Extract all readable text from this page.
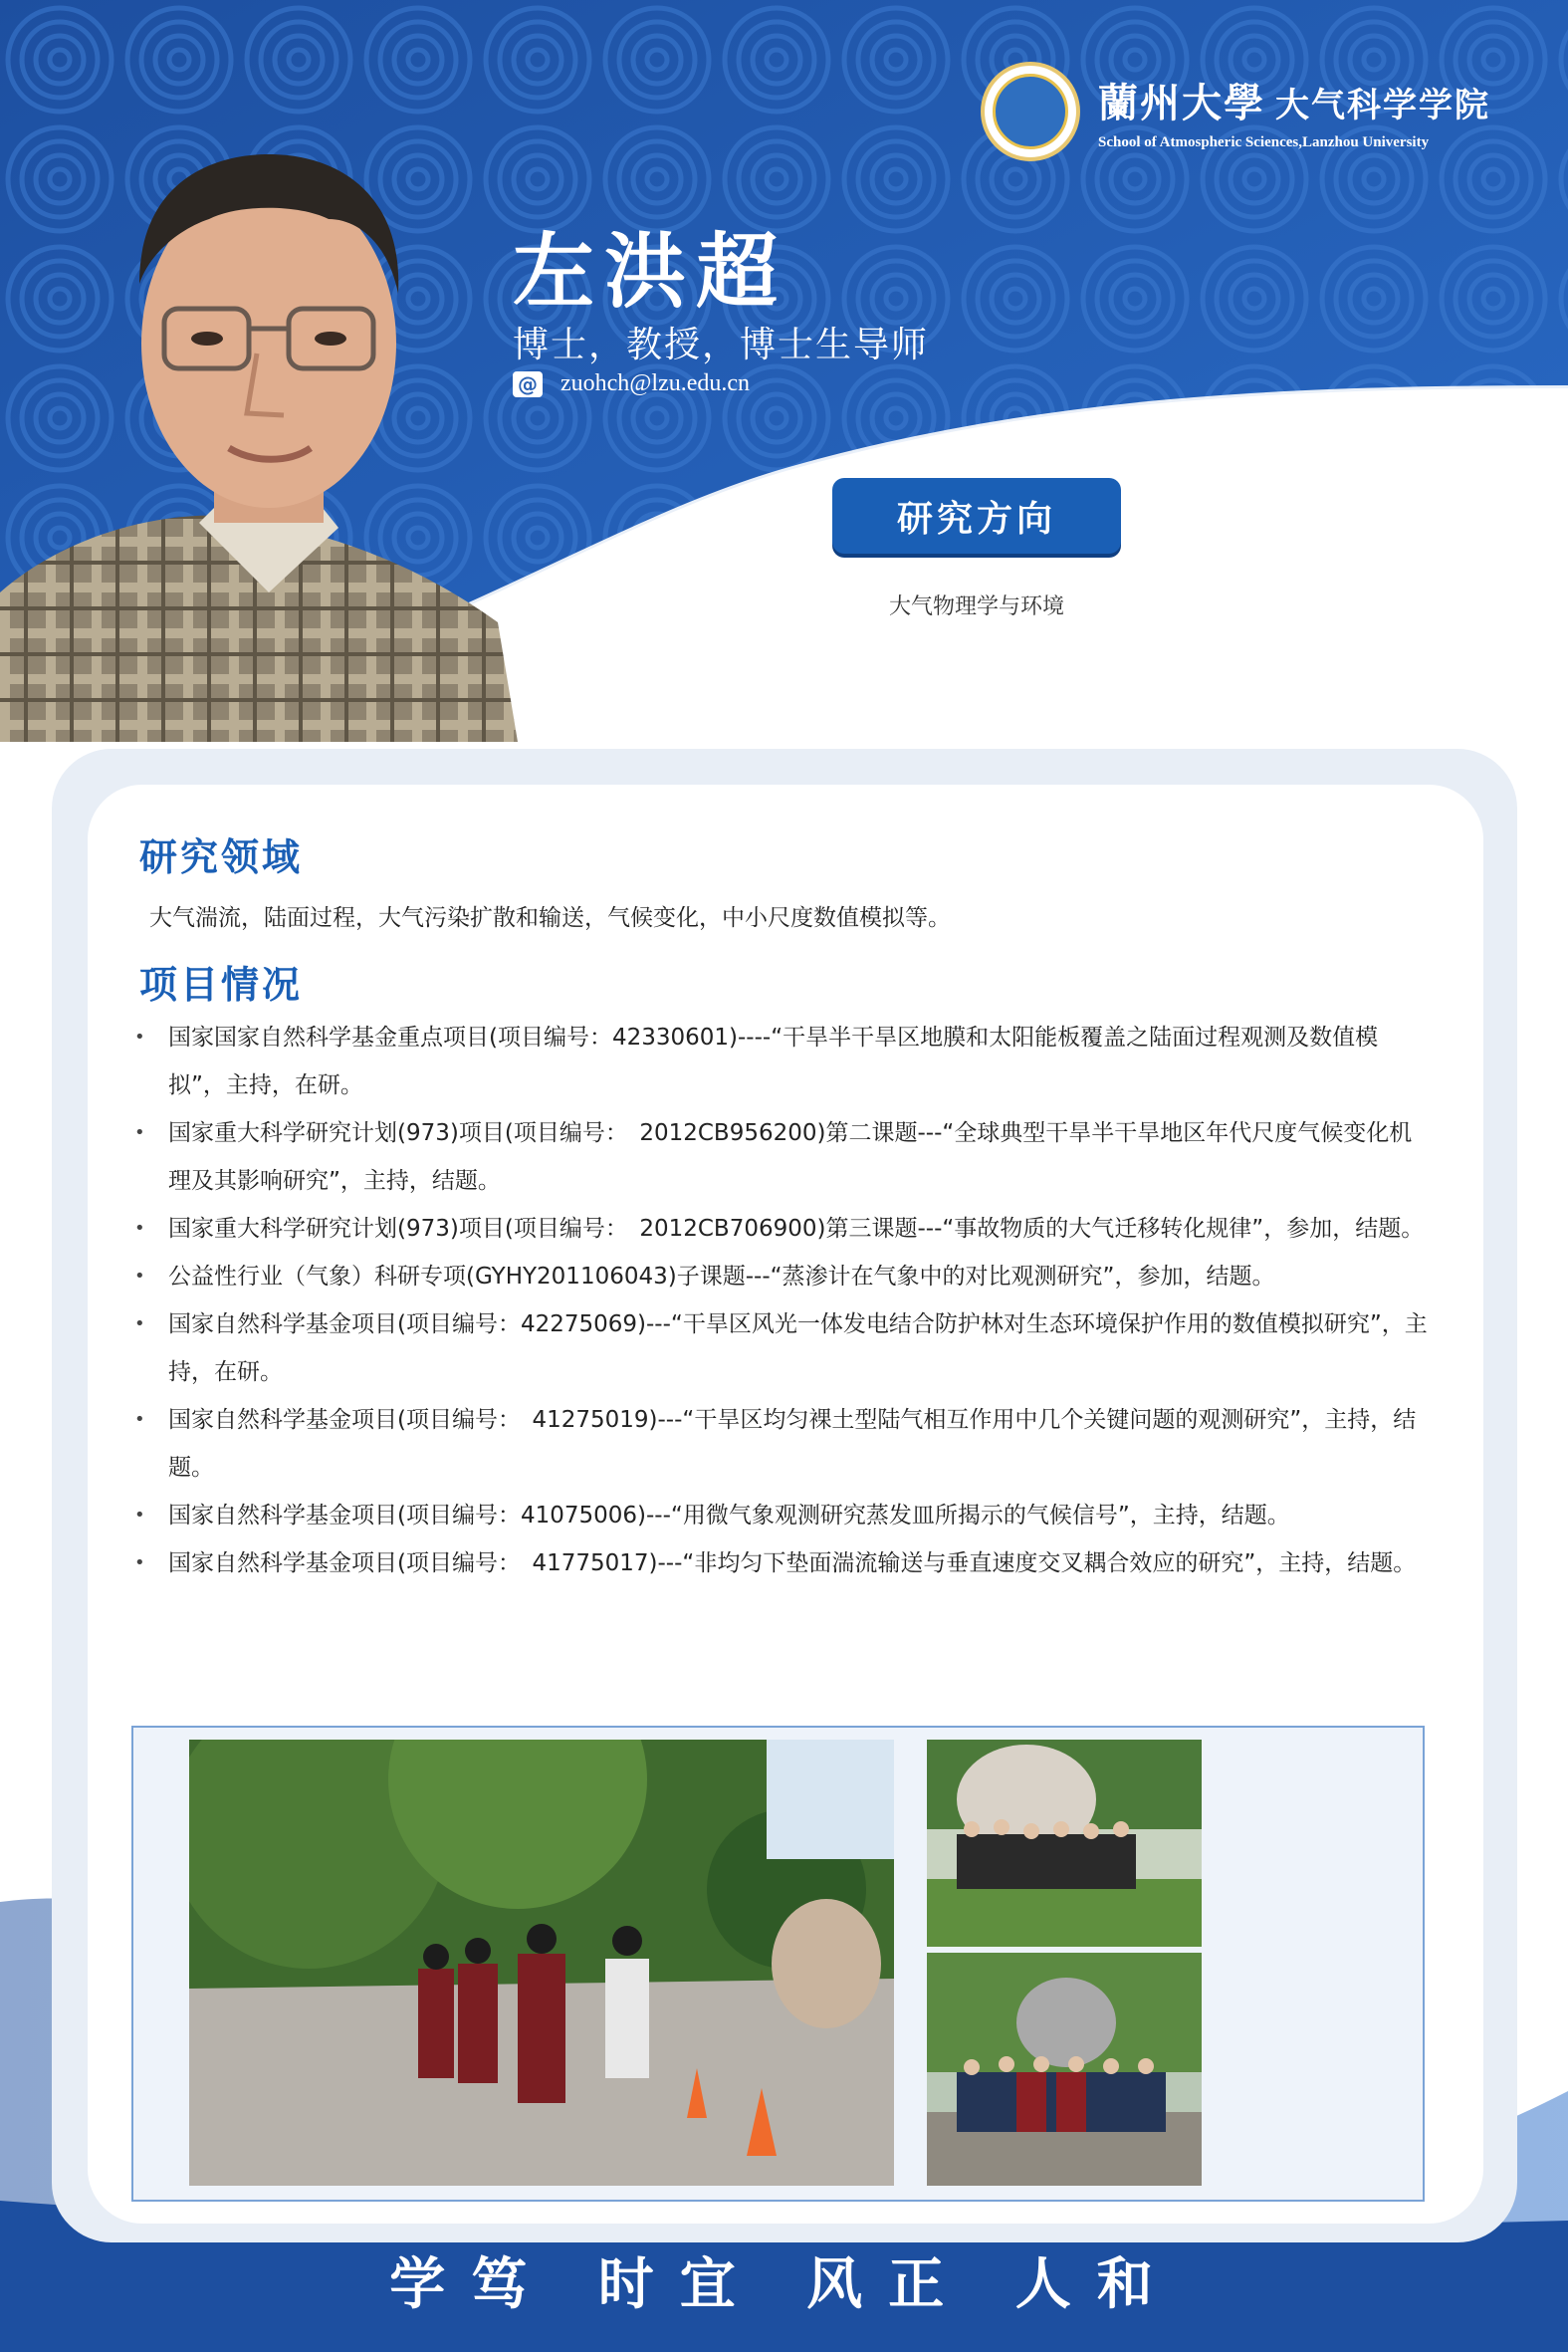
蘭州大學 大气科学学院
School of Atmospheric Sciences,Lanzhou University
左洪超
博士，教授，博士生导师
@ zuohch@lzu.edu.cn
研究方向
大气物理学与环境
研究领域
大气湍流，陆面过程，大气污染扩散和输送，气候变化，中小尺度数值模拟等。
项目情况
• 国家国家自然科学基金重点项目(项目编号：42330601)----“干旱半干旱区地膜和太阳能板覆盖之陆面过程观测及数值模拟”，主持，在研。
• 国家重大科学研究计划(973)项目(项目编号：　2012CB956200)第二课题---“全球典型干旱半干旱地区年代尺度气候变化机理及其影响研究”，主持，结题。
• 国家重大科学研究计划(973)项目(项目编号：　2012CB706900)第三课题---“事故物质的大气迁移转化规律”，参加，结题。
• 公益性行业（气象）科研专项(GYHY201106043)子课题---“蒸渗计在气象中的对比观测研究”，参加，结题。
• 国家自然科学基金项目(项目编号：42275069)---“干旱区风光一体发电结合防护林对生态环境保护作用的数值模拟研究”，主持，在研。
• 国家自然科学基金项目(项目编号：　41275019)---“干旱区均匀裸土型陆气相互作用中几个关键问题的观测研究”，主持，结题。
• 国家自然科学基金项目(项目编号：41075006)---“用微气象观测研究蒸发皿所揭示的气候信号”，主持，结题。
• 国家自然科学基金项目(项目编号：　41775017)---“非均匀下垫面湍流输送与垂直速度交叉耦合效应的研究”，主持，结题。
学笃 时宜 风正 人和
